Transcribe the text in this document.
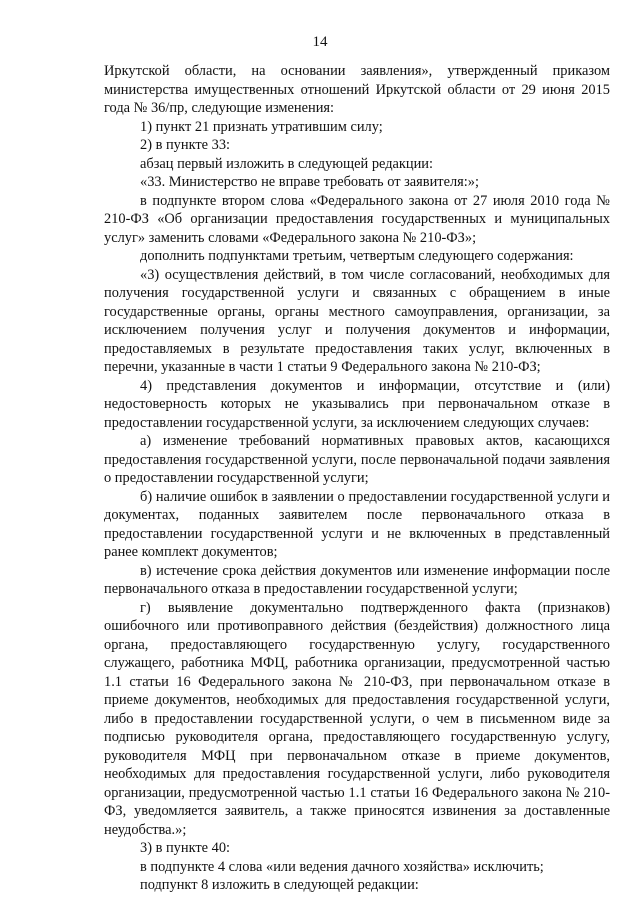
14

Иркутской области, на основании заявления», утвержденный приказом министерства имущественных отношений Иркутской области от 29 июня 2015 года № 36/пр, следующие изменения:

1) пункт 21 признать утратившим силу;

2) в пункте 33:

абзац первый изложить в следующей редакции:

«33. Министерство не вправе требовать от заявителя:»;

в подпункте втором слова «Федерального закона от 27 июля 2010 года № 210-ФЗ «Об организации предоставления государственных и муниципальных услуг» заменить словами «Федерального закона № 210-ФЗ»;

дополнить подпунктами третьим, четвертым следующего содержания:

«3) осуществления действий, в том числе согласований, необходимых для получения государственной услуги и связанных с обращением в иные государственные органы, органы местного самоуправления, организации, за исключением получения услуг и получения документов и информации, предоставляемых в результате предоставления таких услуг, включенных в перечни, указанные в части 1 статьи 9 Федерального закона № 210-ФЗ;

4) представления документов и информации, отсутствие и (или) недостоверность которых не указывались при первоначальном отказе в предоставлении государственной услуги, за исключением следующих случаев:

а) изменение требований нормативных правовых актов, касающихся предоставления государственной услуги, после первоначальной подачи заявления о предоставлении государственной услуги;

б) наличие ошибок в заявлении о предоставлении государственной услуги и документах, поданных заявителем после первоначального отказа в предоставлении государственной услуги и не включенных в представленный ранее комплект документов;

в) истечение срока действия документов или изменение информации после первоначального отказа в предоставлении государственной услуги;

г) выявление документально подтвержденного факта (признаков) ошибочного или противоправного действия (бездействия) должностного лица органа, предоставляющего государственную услугу, государственного служащего, работника МФЦ, работника организации, предусмотренной частью 1.1 статьи 16 Федерального закона № 210-ФЗ, при первоначальном отказе в приеме документов, необходимых для предоставления государственной услуги, либо в предоставлении государственной услуги, о чем в письменном виде за подписью руководителя органа, предоставляющего государственную услугу, руководителя МФЦ при первоначальном отказе в приеме документов, необходимых для предоставления государственной услуги, либо руководителя организации, предусмотренной частью 1.1 статьи 16 Федерального закона № 210-ФЗ, уведомляется заявитель, а также приносятся извинения за доставленные неудобства.»;

3) в пункте 40:

в подпункте 4 слова «или ведения дачного хозяйства» исключить;

подпункт 8 изложить в следующей редакции:
